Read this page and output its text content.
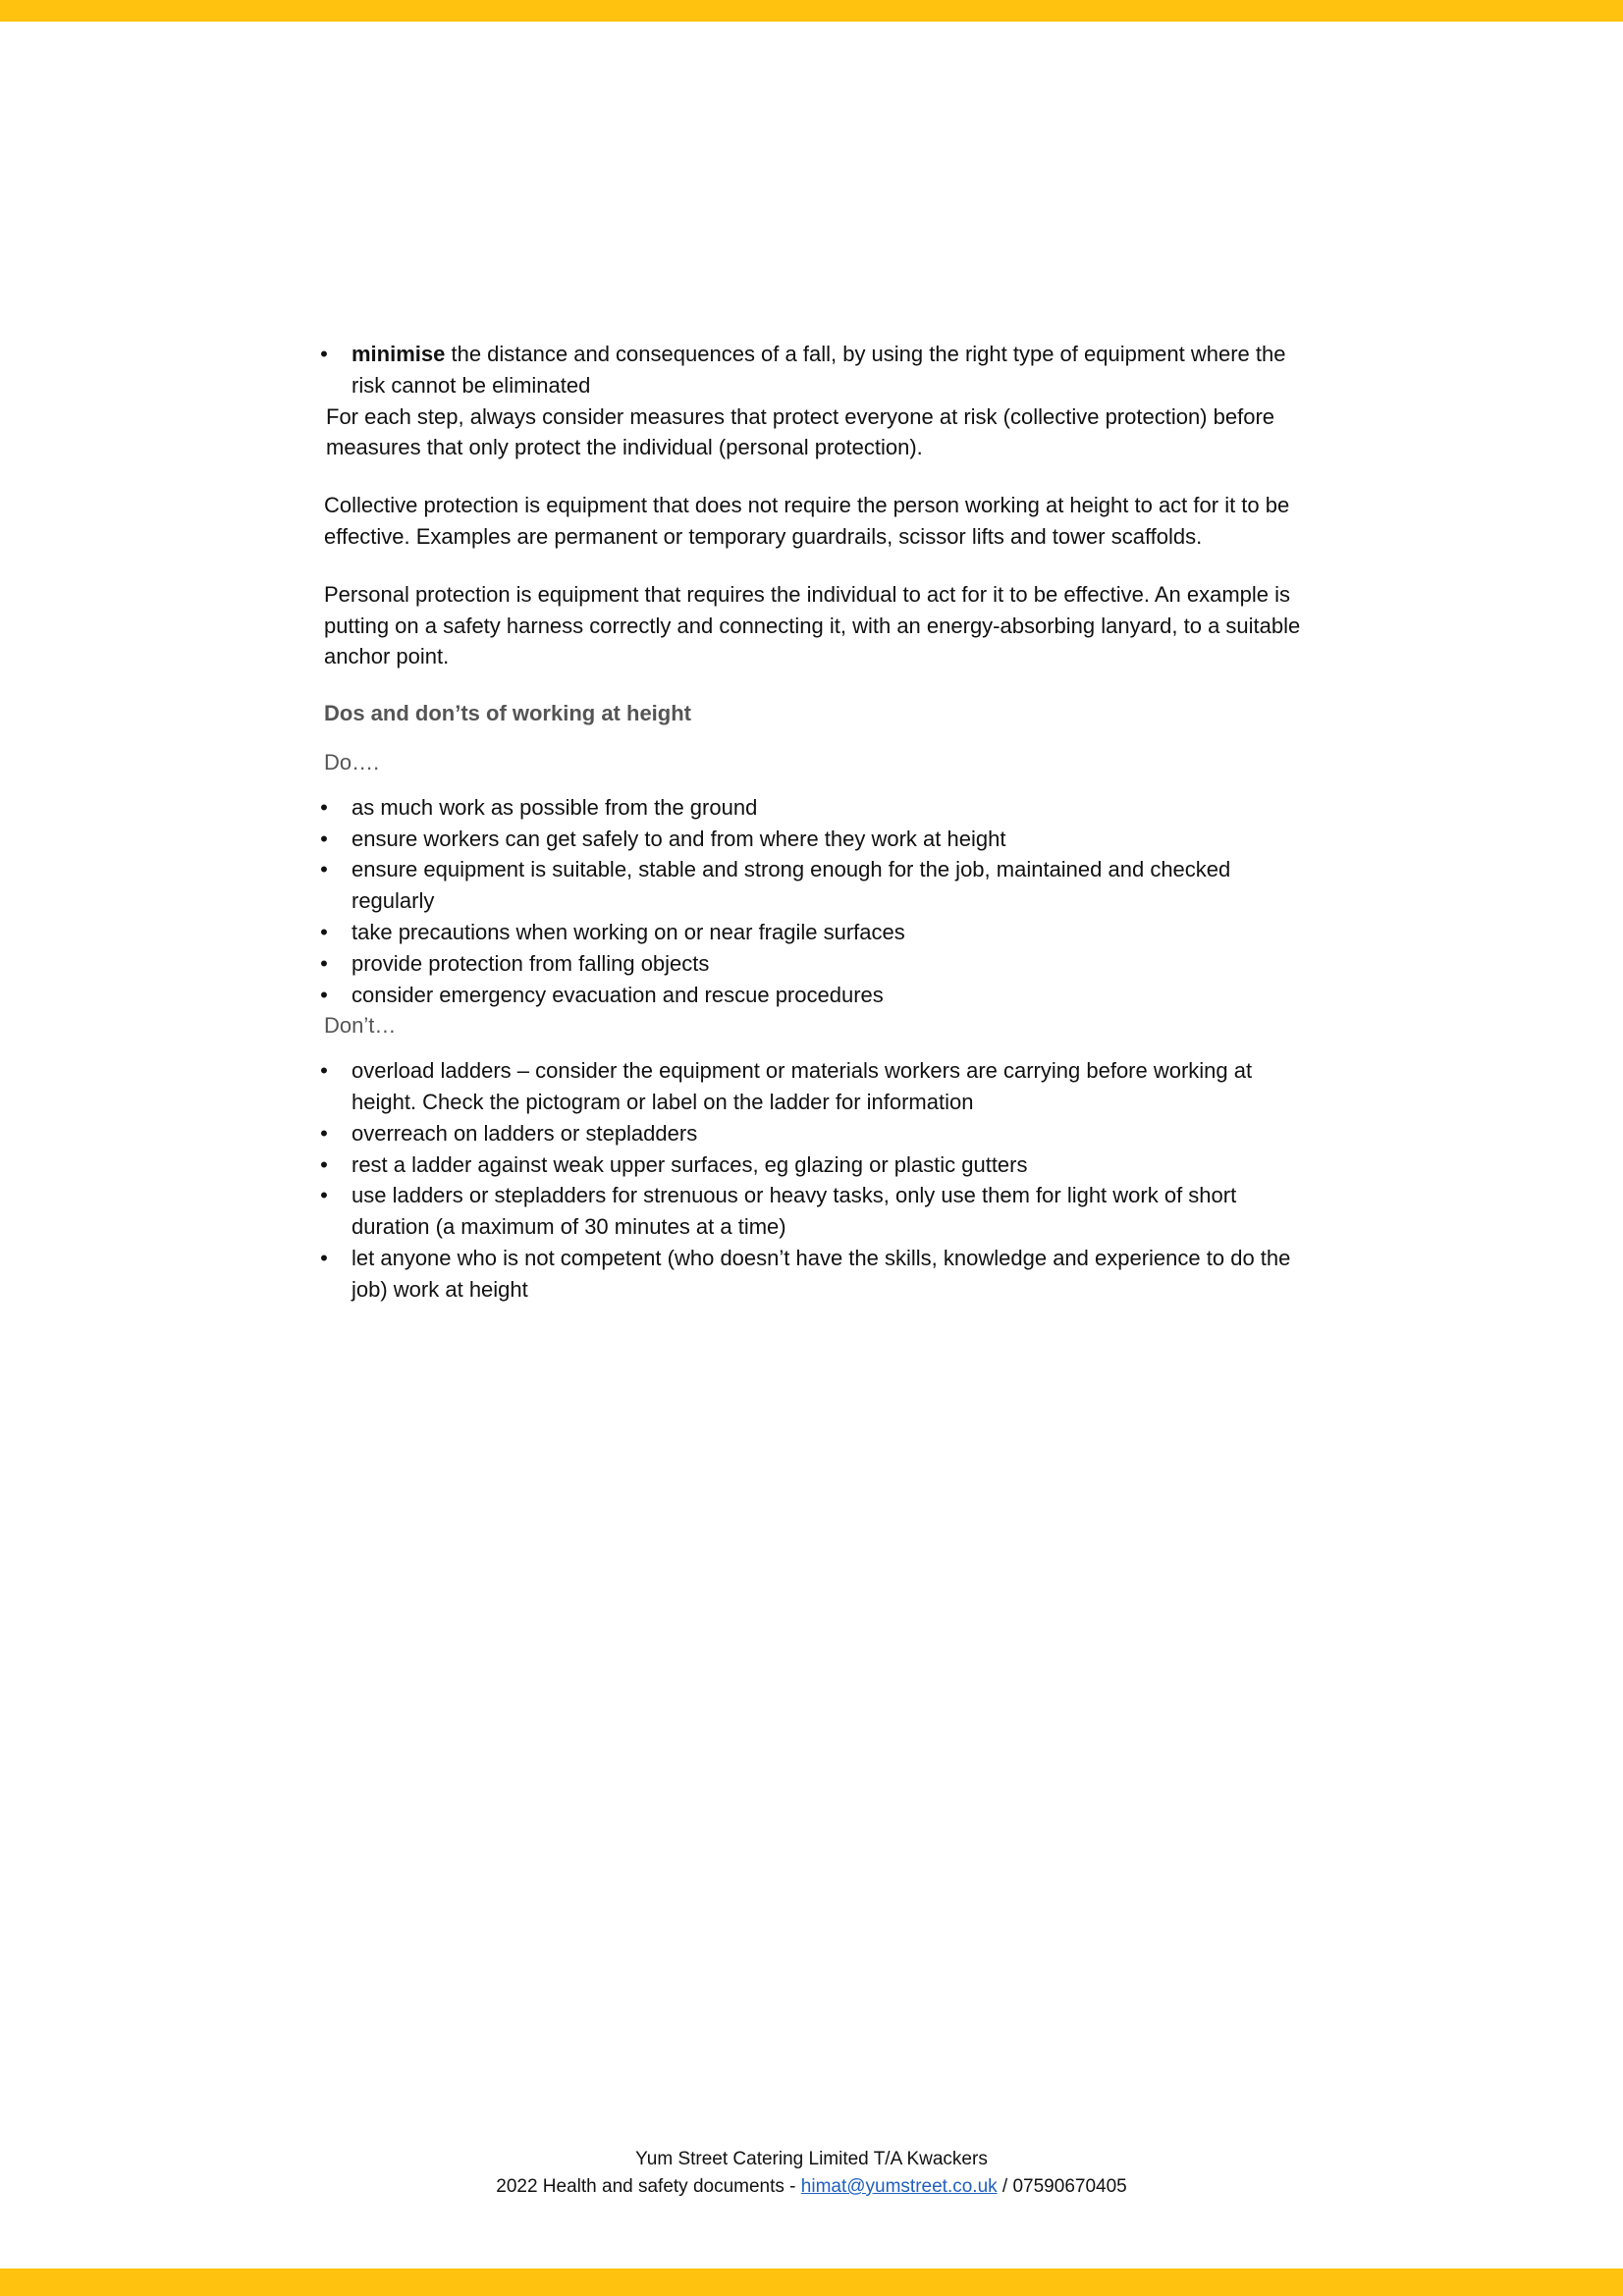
• minimise the distance and consequences of a fall, by using the right type of equipment where the risk cannot be eliminated

For each step, always consider measures that protect everyone at risk (collective protection) before measures that only protect the individual (personal protection).

Collective protection is equipment that does not require the person working at height to act for it to be effective. Examples are permanent or temporary guardrails, scissor lifts and tower scaffolds.

Personal protection is equipment that requires the individual to act for it to be effective. An example is putting on a safety harness correctly and connecting it, with an energy-absorbing lanyard, to a suitable anchor point.

Dos and don’ts of working at height

Do….

• as much work as possible from the ground
• ensure workers can get safely to and from where they work at height
• ensure equipment is suitable, stable and strong enough for the job, maintained and checked regularly
• take precautions when working on or near fragile surfaces
• provide protection from falling objects
• consider emergency evacuation and rescue procedures

Don’t…

• overload ladders – consider the equipment or materials workers are carrying before working at height. Check the pictogram or label on the ladder for information
• overreach on ladders or stepladders
• rest a ladder against weak upper surfaces, eg glazing or plastic gutters
• use ladders or stepladders for strenuous or heavy tasks, only use them for light work of short duration (a maximum of 30 minutes at a time)
• let anyone who is not competent (who doesn’t have the skills, knowledge and experience to do the job) work at height
Yum Street Catering Limited T/A Kwackers
2022 Health and safety documents - himat@yumstreet.co.uk / 07590670405
